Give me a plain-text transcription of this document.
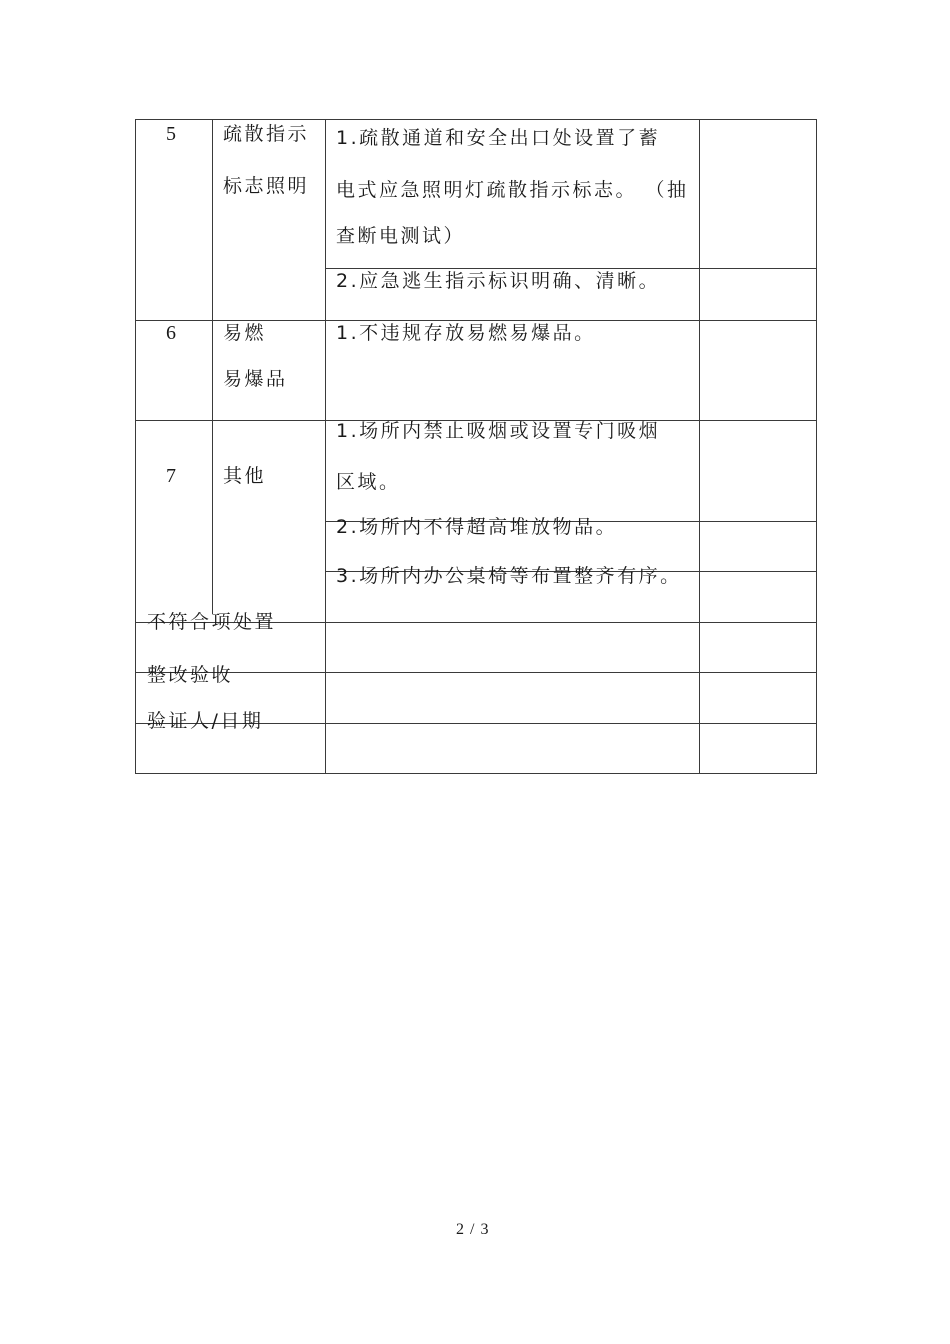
5 疏散指示
标志照明
1.疏散通道和安全出口处设置了蓄
电式应急照明灯疏散指示标志。 （抽
查断电测试）
2.应急逃生指示标识明确、清晰。
6 易燃
易爆品
1.不违规存放易燃易爆品。
7 其他
1.场所内禁止吸烟或设置专门吸烟
区域。
2.场所内不得超高堆放物品。
3.场所内办公桌椅等布置整齐有序。
不符合项处置
整改验收
验证人/日期
2 / 3
